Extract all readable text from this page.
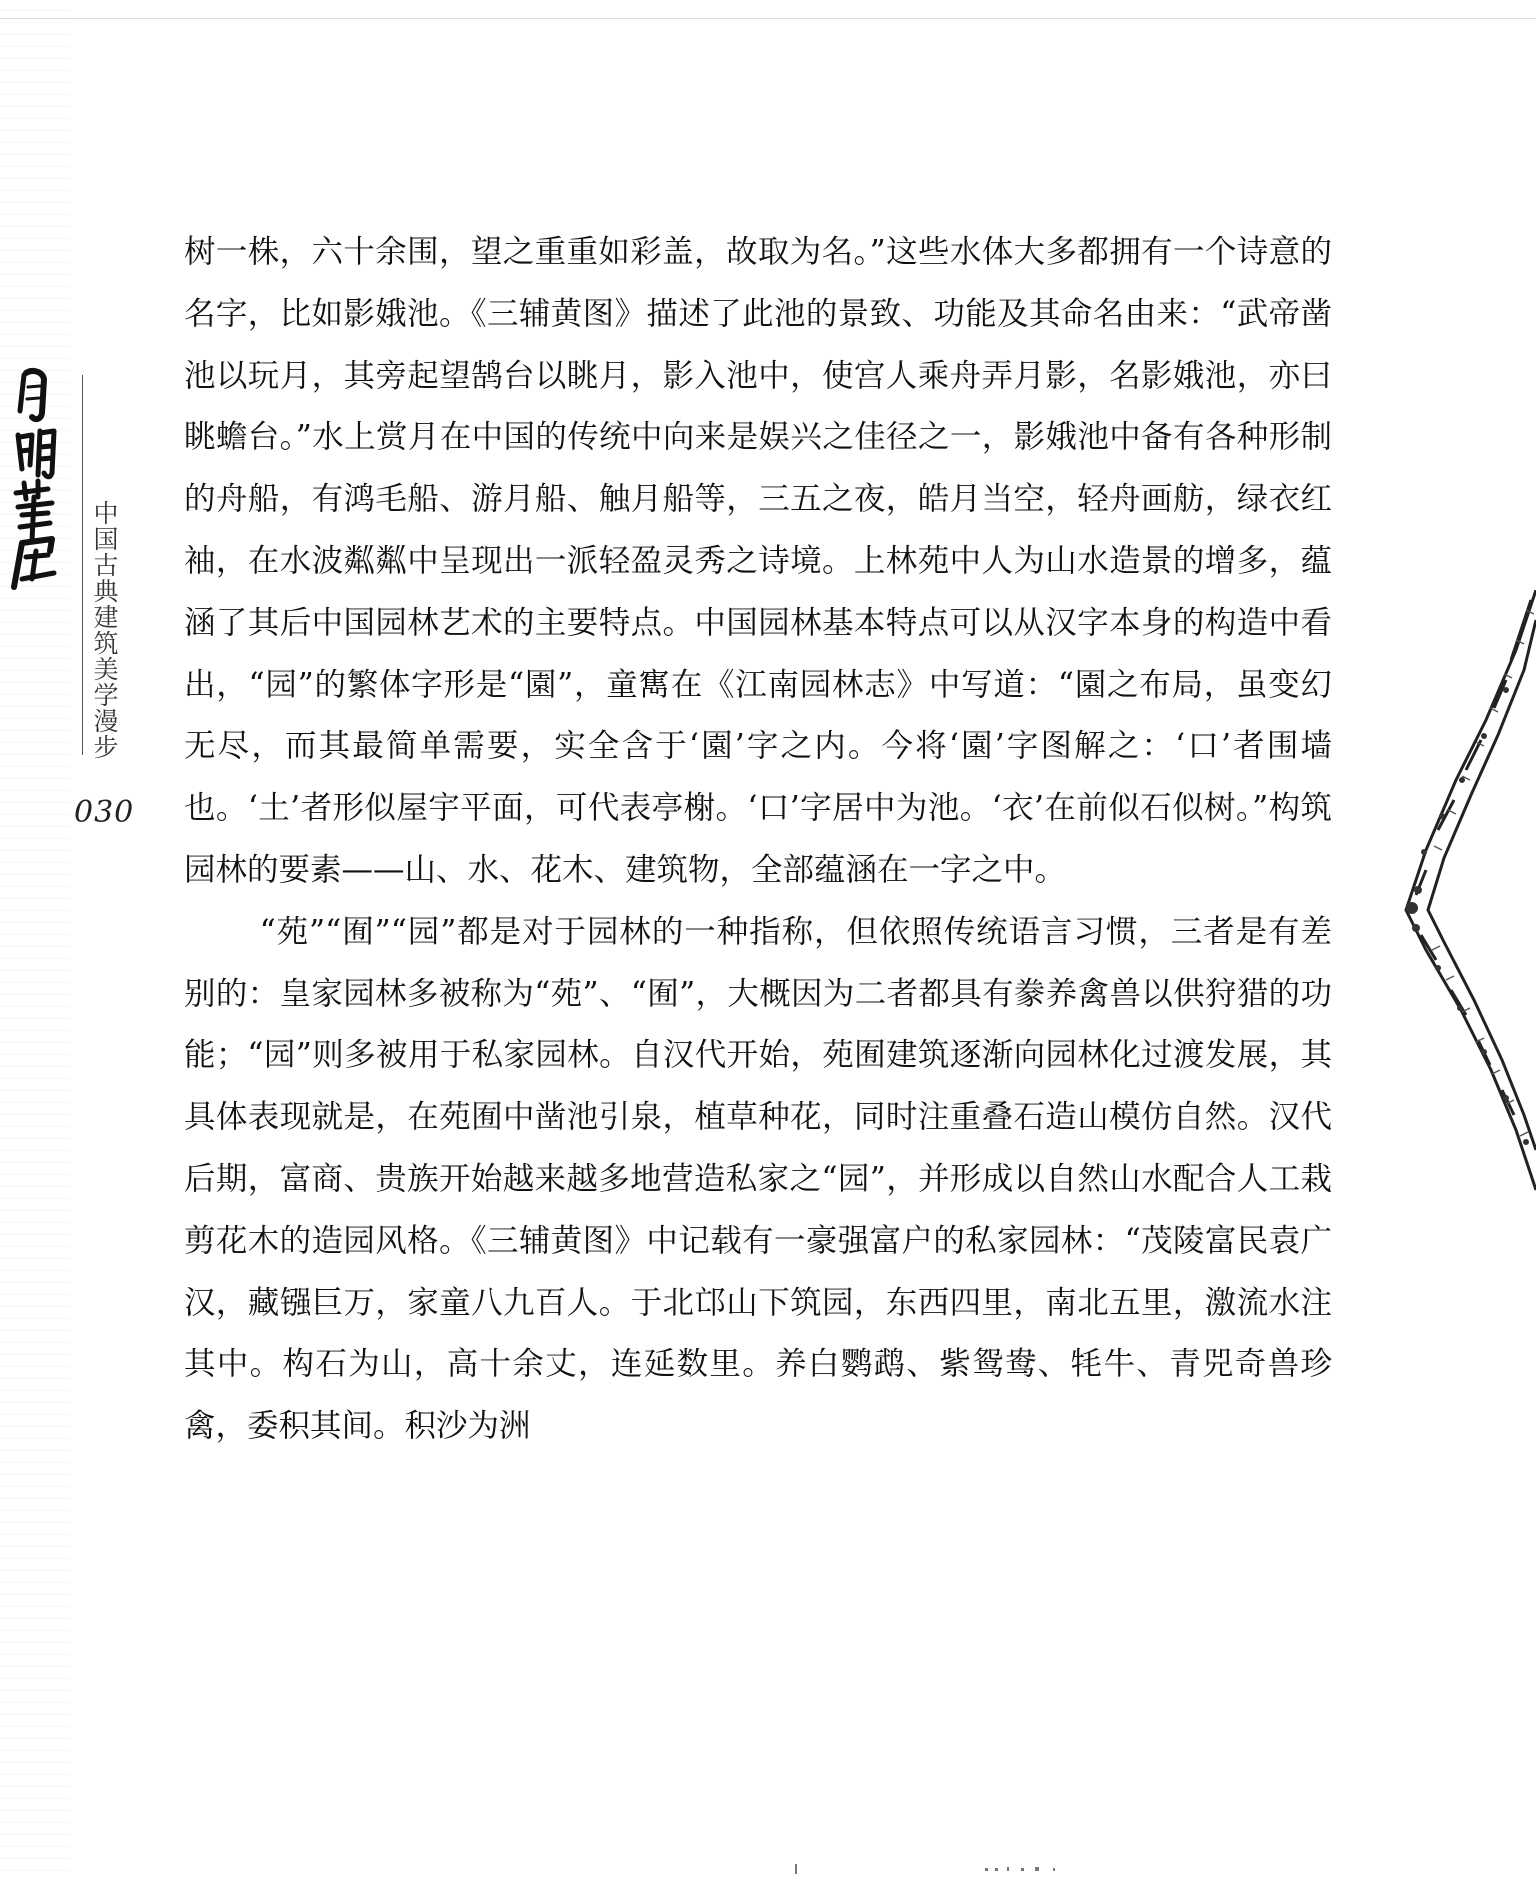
中国古典建筑美学漫步
030

树一株，六十余围，望之重重如彩盖，故取为名。”这些水体大多都拥有一个诗意的名字，比如影娥池。《三辅黄图》描述了此池的景致、功能及其命名由来：“武帝凿池以玩月，其旁起望鹄台以眺月，影入池中，使宫人乘舟弄月影，名影娥池，亦曰眺蟾台。”水上赏月在中国的传统中向来是娱兴之佳径之一，影娥池中备有各种形制的舟船，有鸿毛船、游月船、触月船等，三五之夜，皓月当空，轻舟画舫，绿衣红袖，在水波粼粼中呈现出一派轻盈灵秀之诗境。上林苑中人为山水造景的增多，蕴涵了其后中国园林艺术的主要特点。中国园林基本特点可以从汉字本身的构造中看出，“园”的繁体字形是“園”，童寯在《江南园林志》中写道：“園之布局，虽变幻无尽，而其最简单需要，实全含于‘園’字之内。今将‘園’字图解之：‘口’者围墙也。‘土’者形似屋宇平面，可代表亭榭。‘口’字居中为池。‘衣’在前似石似树。”构筑园林的要素——山、水、花木、建筑物，全部蕴涵在一字之中。

“苑”“囿”“园”都是对于园林的一种指称，但依照传统语言习惯，三者是有差别的：皇家园林多被称为“苑”、“囿”，大概因为二者都具有豢养禽兽以供狩猎的功能；“园”则多被用于私家园林。自汉代开始，苑囿建筑逐渐向园林化过渡发展，其具体表现就是，在苑囿中凿池引泉，植草种花，同时注重叠石造山模仿自然。汉代后期，富商、贵族开始越来越多地营造私家之“园”，并形成以自然山水配合人工栽剪花木的造园风格。《三辅黄图》中记载有一豪强富户的私家园林：“茂陵富民袁广汉，藏镪巨万，家童八九百人。于北邙山下筑园，东西四里，南北五里，激流水注其中。构石为山，高十余丈，连延数里。养白鹦鹉、紫鸳鸯、牦牛、青兕奇兽珍禽，委积其间。积沙为洲
